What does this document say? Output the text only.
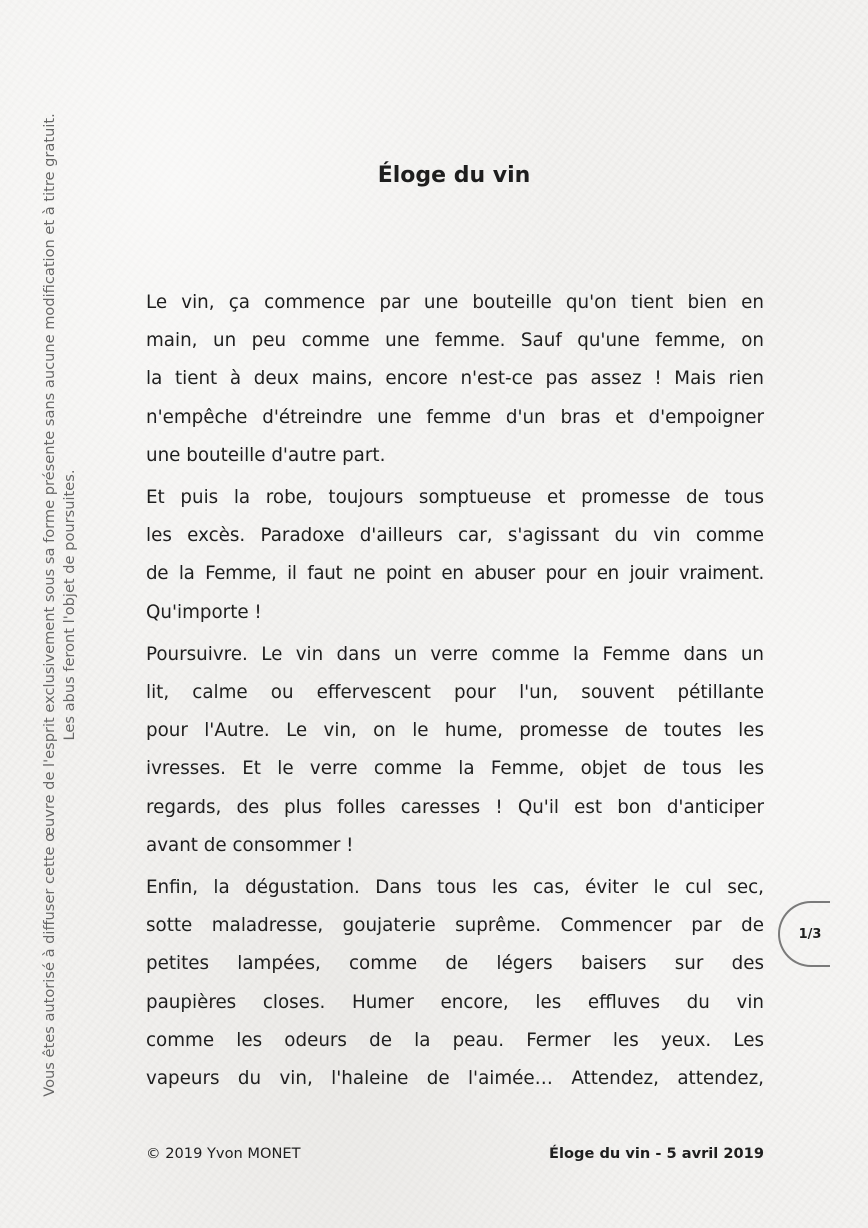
Vous êtes autorisé à diffuser cette œuvre de l'esprit exclusivement sous sa forme présente sans aucune modification et à titre gratuit. Les abus feront l'objet de poursuites.
Éloge du vin

Le vin, ça commence par une bouteille qu'on tient bien en
main, un peu comme une femme. Sauf qu'une femme, on
la tient à deux mains, encore n'est-ce pas assez ! Mais rien
n'empêche d'étreindre une femme d'un bras et d'empoigner
une bouteille d'autre part.

Et puis la robe, toujours somptueuse et promesse de tous
les excès. Paradoxe d'ailleurs car, s'agissant du vin comme
de la Femme, il faut ne point en abuser pour en jouir vraiment.
Qu'importe !

Poursuivre. Le vin dans un verre comme la Femme dans un
lit, calme ou effervescent pour l'un, souvent pétillante
pour l'Autre. Le vin, on le hume, promesse de toutes les
ivresses. Et le verre comme la Femme, objet de tous les
regards, des plus folles caresses ! Qu'il est bon d'anticiper
avant de consommer !

Enfin, la dégustation. Dans tous les cas, éviter le cul sec,
sotte maladresse, goujaterie suprême. Commencer par de
petites lampées, comme de légers baisers sur des
paupières closes. Humer encore, les effluves du vin
comme les odeurs de la peau. Fermer les yeux. Les
vapeurs du vin, l'haleine de l'aimée… Attendez, attendez,

1/3
© 2019 Yvon MONET	Éloge du vin - 5 avril 2019
